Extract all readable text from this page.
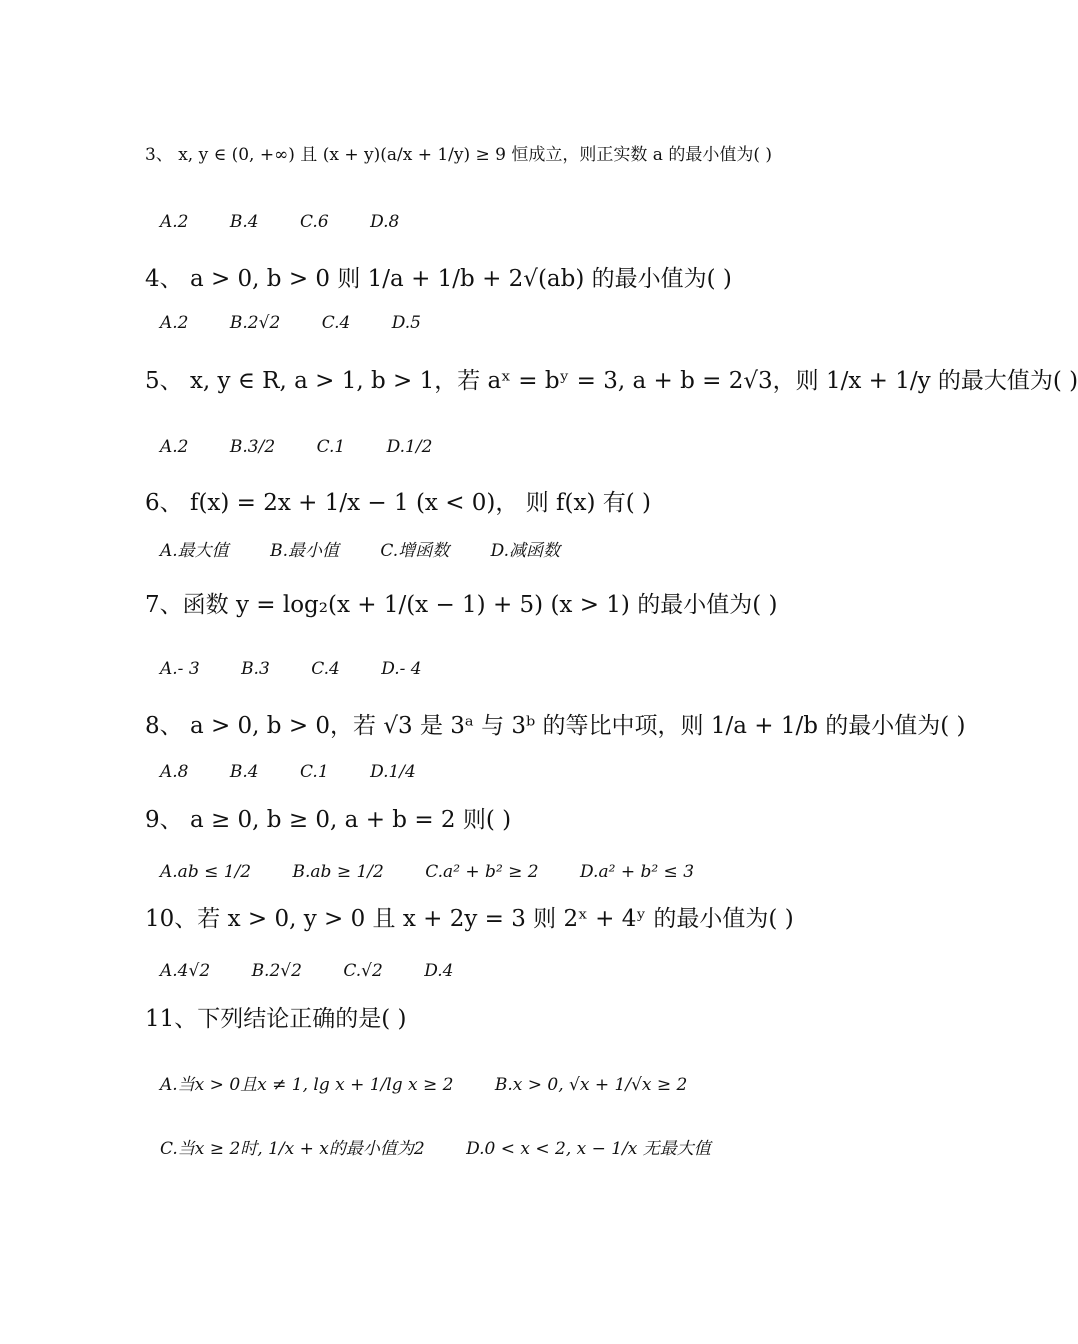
3、 x, y ∈ (0, +∞) 且 (x + y)(a/x + 1/y) ≥ 9 恒成立，则正实数 a 的最小值为( )
A.2 B.4 C.6 D.8
4、 a > 0, b > 0 则 1/a + 1/b + 2√(ab) 的最小值为( )
A.2 B.2√2 C.4 D.5
5、 x, y ∈ R, a > 1, b > 1，若 aˣ = bʸ = 3, a + b = 2√3，则 1/x + 1/y 的最大值为( )
A.2 B.3/2 C.1 D.1/2
6、 f(x) = 2x + 1/x − 1 (x < 0)， 则 f(x) 有( )
A.最大值 B.最小值 C.增函数 D.减函数
7、函数 y = log₂(x + 1/(x − 1) + 5) (x > 1) 的最小值为( )
A.- 3 B.3 C.4 D.- 4
8、 a > 0, b > 0，若 √3 是 3ᵃ 与 3ᵇ 的等比中项，则 1/a + 1/b 的最小值为( )
A.8 B.4 C.1 D.1/4
9、 a ≥ 0, b ≥ 0, a + b = 2 则( )
A.ab ≤ 1/2 B.ab ≥ 1/2 C.a² + b² ≥ 2 D.a² + b² ≤ 3
10、若 x > 0, y > 0 且 x + 2y = 3 则 2ˣ + 4ʸ 的最小值为( )
A.4√2 B.2√2 C.√2 D.4
11、下列结论正确的是( )
A.当x > 0且x ≠ 1, lg x + 1/lg x ≥ 2 B.x > 0, √x + 1/√x ≥ 2
C.当x ≥ 2时, 1/x + x的最小值为2 D.0 < x < 2, x − 1/x 无最大值
